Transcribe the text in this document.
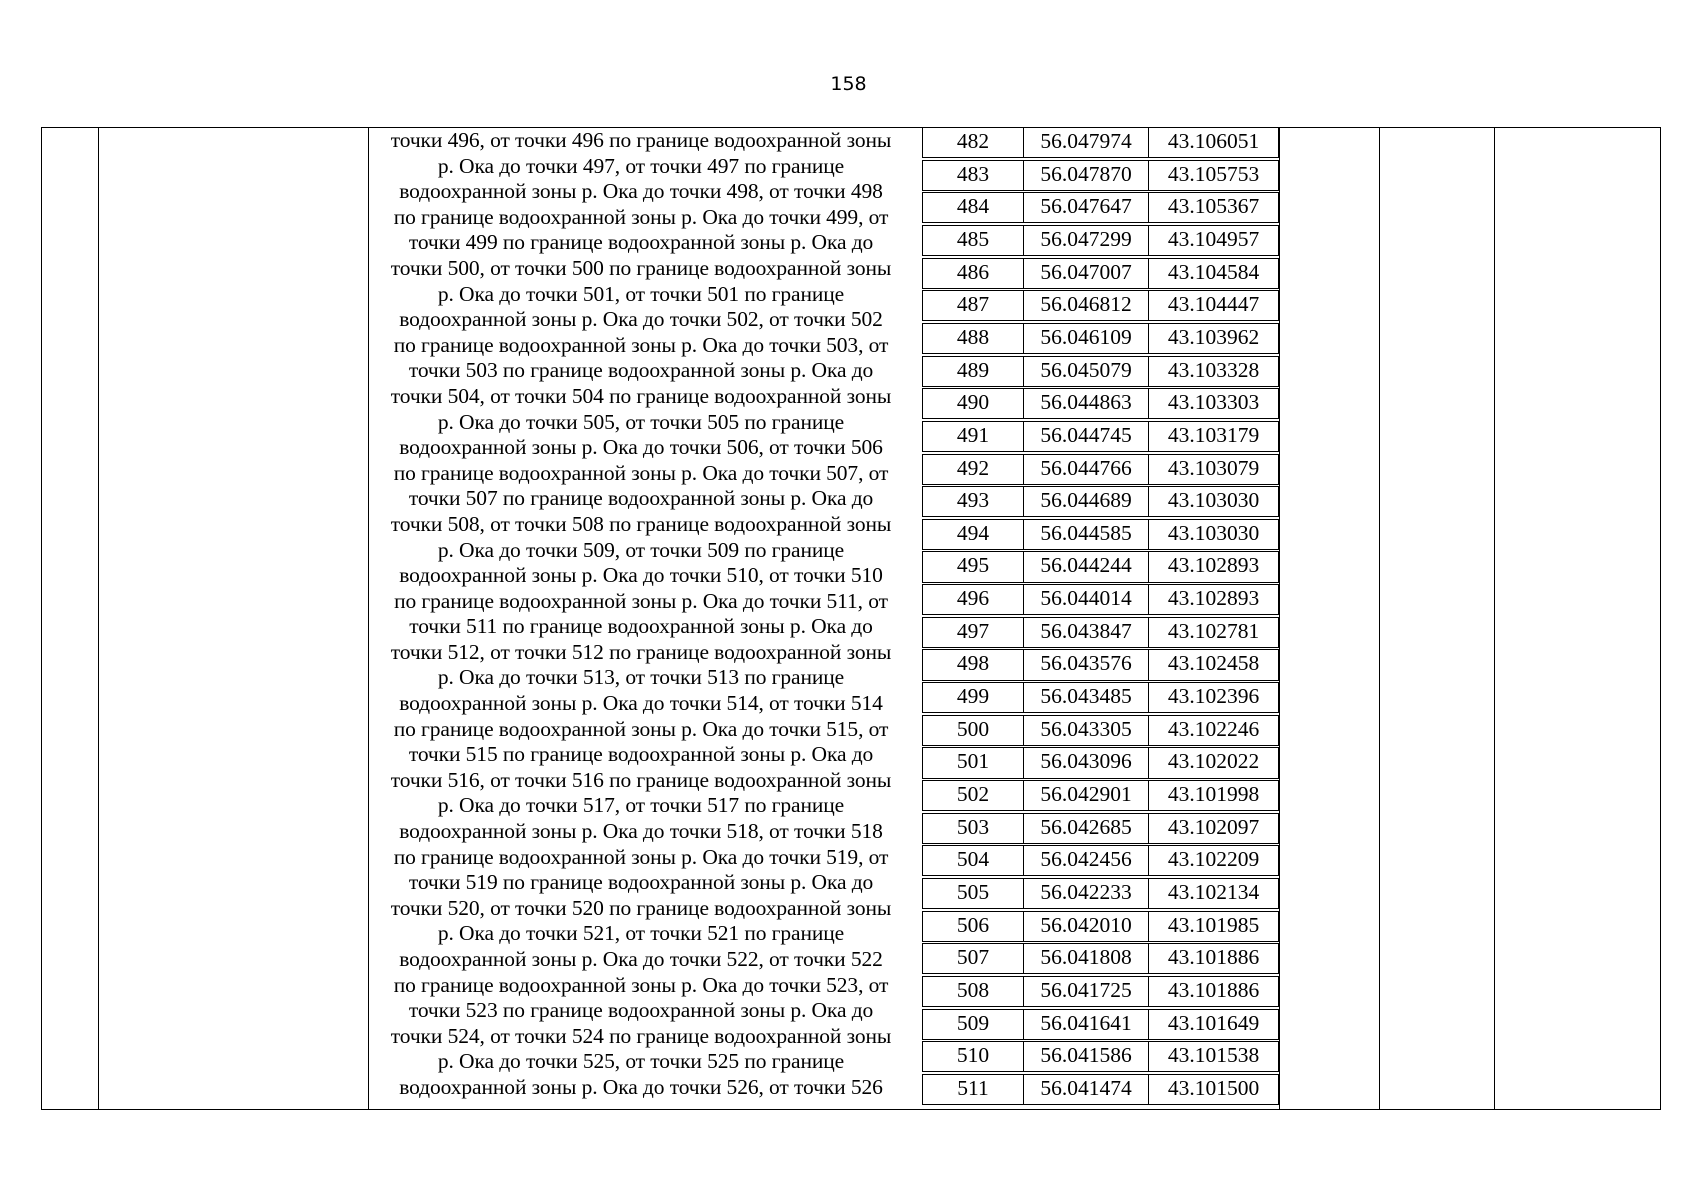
158
точки 496, от точки 496 по границе водоохранной зоны
р. Ока до точки 497, от точки 497 по границе
водоохранной зоны р. Ока до точки 498, от точки 498
по границе водоохранной зоны р. Ока до точки 499, от
точки 499 по границе водоохранной зоны р. Ока до
точки 500, от точки 500 по границе водоохранной зоны
р. Ока до точки 501, от точки 501 по границе
водоохранной зоны р. Ока до точки 502, от точки 502
по границе водоохранной зоны р. Ока до точки 503, от
точки 503 по границе водоохранной зоны р. Ока до
точки 504, от точки 504 по границе водоохранной зоны
р. Ока до точки 505, от точки 505 по границе
водоохранной зоны р. Ока до точки 506, от точки 506
по границе водоохранной зоны р. Ока до точки 507, от
точки 507 по границе водоохранной зоны р. Ока до
точки 508, от точки 508 по границе водоохранной зоны
р. Ока до точки 509, от точки 509 по границе
водоохранной зоны р. Ока до точки 510, от точки 510
по границе водоохранной зоны р. Ока до точки 511, от
точки 511 по границе водоохранной зоны р. Ока до
точки 512, от точки 512 по границе водоохранной зоны
р. Ока до точки 513, от точки 513 по границе
водоохранной зоны р. Ока до точки 514, от точки 514
по границе водоохранной зоны р. Ока до точки 515, от
точки 515 по границе водоохранной зоны р. Ока до
точки 516, от точки 516 по границе водоохранной зоны
р. Ока до точки 517, от точки 517 по границе
водоохранной зоны р. Ока до точки 518, от точки 518
по границе водоохранной зоны р. Ока до точки 519, от
точки 519 по границе водоохранной зоны р. Ока до
точки 520, от точки 520 по границе водоохранной зоны
р. Ока до точки 521, от точки 521 по границе
водоохранной зоны р. Ока до точки 522, от точки 522
по границе водоохранной зоны р. Ока до точки 523, от
точки 523 по границе водоохранной зоны р. Ока до
точки 524, от точки 524 по границе водоохранной зоны
р. Ока до точки 525, от точки 525 по границе
водоохранной зоны р. Ока до точки 526, от точки 526
482	56.047974	43.106051
483	56.047870	43.105753
484	56.047647	43.105367
485	56.047299	43.104957
486	56.047007	43.104584
487	56.046812	43.104447
488	56.046109	43.103962
489	56.045079	43.103328
490	56.044863	43.103303
491	56.044745	43.103179
492	56.044766	43.103079
493	56.044689	43.103030
494	56.044585	43.103030
495	56.044244	43.102893
496	56.044014	43.102893
497	56.043847	43.102781
498	56.043576	43.102458
499	56.043485	43.102396
500	56.043305	43.102246
501	56.043096	43.102022
502	56.042901	43.101998
503	56.042685	43.102097
504	56.042456	43.102209
505	56.042233	43.102134
506	56.042010	43.101985
507	56.041808	43.101886
508	56.041725	43.101886
509	56.041641	43.101649
510	56.041586	43.101538
511	56.041474	43.101500
